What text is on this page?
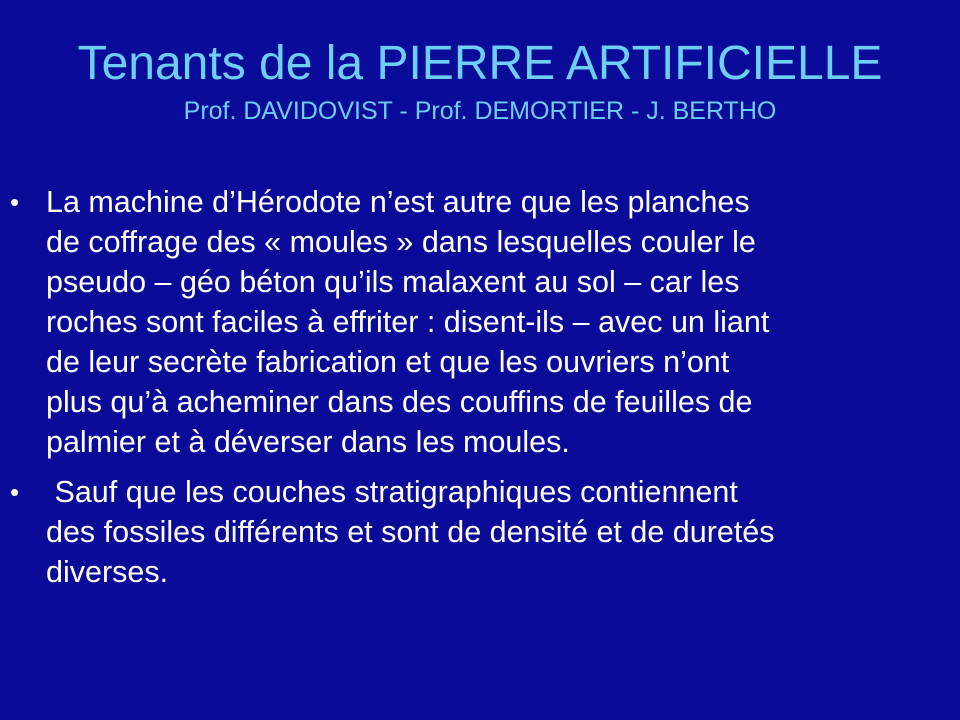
Tenants de la PIERRE ARTIFICIELLE
Prof. DAVIDOVIST - Prof. DEMORTIER - J. BERTHO
• La machine d’Hérodote n’est autre que les planches
de coffrage des « moules » dans lesquelles couler le
pseudo – géo béton qu’ils malaxent au sol – car les
roches sont faciles à effriter : disent-ils – avec un liant
de leur secrète fabrication et que les ouvriers n’ont
plus qu’à acheminer dans des couffins de feuilles de
palmier et à déverser dans les moules.
• Sauf que les couches stratigraphiques contiennent
des fossiles différents et sont de densité et de duretés
diverses.
